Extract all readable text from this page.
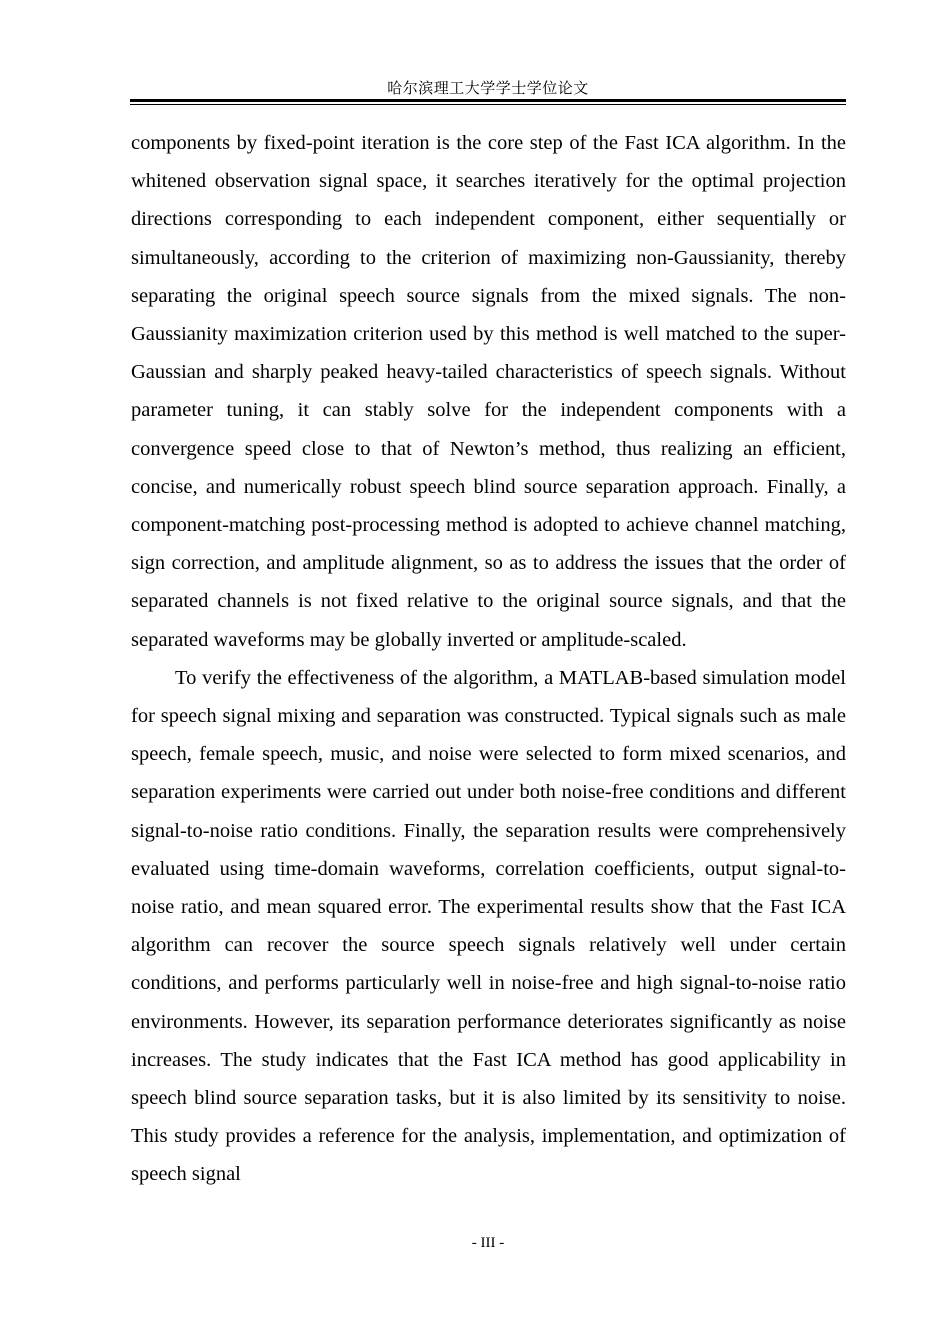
哈尔滨理工大学学士学位论文

components by fixed-point iteration is the core step of the Fast ICA algorithm. In the whitened observation signal space, it searches iteratively for the optimal projection directions corresponding to each independent component, either sequentially or simultaneously, according to the criterion of maximizing non-Gaussianity, thereby separating the original speech source signals from the mixed signals. The non-Gaussianity maximization criterion used by this method is well matched to the super-Gaussian and sharply peaked heavy-tailed characteristics of speech signals. Without parameter tuning, it can stably solve for the independent components with a convergence speed close to that of Newton’s method, thus realizing an efficient, concise, and numerically robust speech blind source separation approach. Finally, a component-matching post-processing method is adopted to achieve channel matching, sign correction, and amplitude alignment, so as to address the issues that the order of separated channels is not fixed relative to the original source signals, and that the separated waveforms may be globally inverted or amplitude-scaled.

To verify the effectiveness of the algorithm, a MATLAB-based simulation model for speech signal mixing and separation was constructed. Typical signals such as male speech, female speech, music, and noise were selected to form mixed scenarios, and separation experiments were carried out under both noise-free conditions and different signal-to-noise ratio conditions. Finally, the separation results were comprehensively evaluated using time-domain waveforms, correlation coefficients, output signal-to-noise ratio, and mean squared error. The experimental results show that the Fast ICA algorithm can recover the source speech signals relatively well under certain conditions, and performs particularly well in noise-free and high signal-to-noise ratio environments. However, its separation performance deteriorates significantly as noise increases. The study indicates that the Fast ICA method has good applicability in speech blind source separation tasks, but it is also limited by its sensitivity to noise. This study provides a reference for the analysis, implementation, and optimization of speech signal

- III -
